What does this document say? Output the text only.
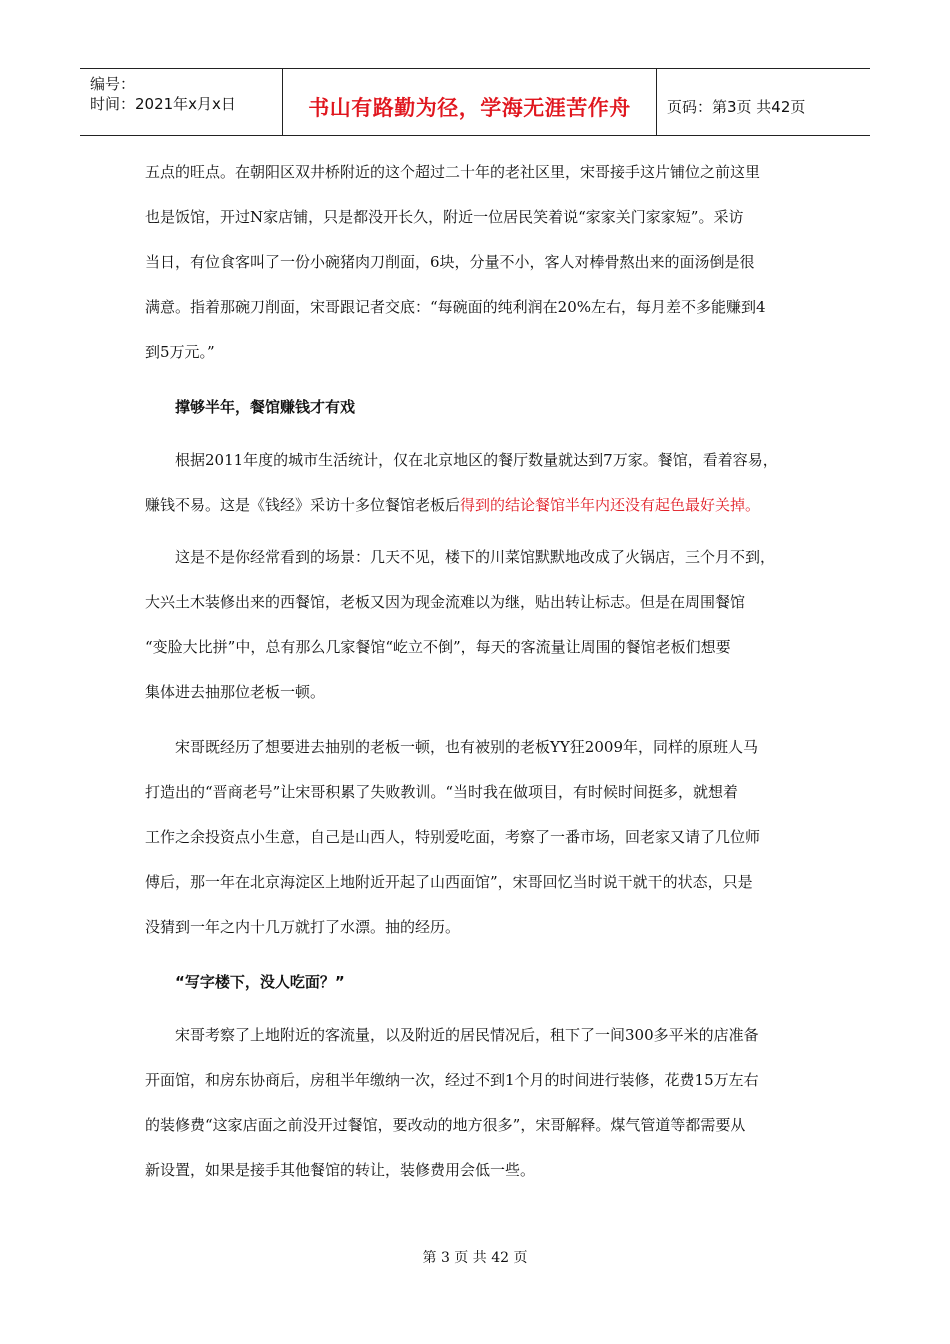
编号：
时间：2021年x月x日	书山有路勤为径，学海无涯苦作舟	页码：第3页 共42页
五点的旺点。在朝阳区双井桥附近的这个超过二十年的老社区里，宋哥接手这片铺位之前这里
也是饭馆，开过N家店铺，只是都没开长久，附近一位居民笑着说“家家关门家家短”。采访
当日，有位食客叫了一份小碗猪肉刀削面，6块，分量不小，客人对棒骨熬出来的面汤倒是很
满意。指着那碗刀削面，宋哥跟记者交底：“每碗面的纯利润在20%左右，每月差不多能赚到4
到5万元。”
撑够半年，餐馆赚钱才有戏
根据2011年度的城市生活统计，仅在北京地区的餐厅数量就达到7万家。餐馆，看着容易，
赚钱不易。这是《钱经》采访十多位餐馆老板后得到的结论餐馆半年内还没有起色最好关掉。
这是不是你经常看到的场景：几天不见，楼下的川菜馆默默地改成了火锅店，三个月不到，
大兴土木装修出来的西餐馆，老板又因为现金流难以为继，贴出转让标志。但是在周围餐馆
“变脸大比拼”中，总有那么几家餐馆“屹立不倒”，每天的客流量让周围的餐馆老板们想要
集体进去抽那位老板一顿。
宋哥既经历了想要进去抽别的老板一顿，也有被别的老板YY狂2009年，同样的原班人马
打造出的“晋商老号”让宋哥积累了失败教训。“当时我在做项目，有时候时间挺多，就想着
工作之余投资点小生意，自己是山西人，特别爱吃面，考察了一番市场，回老家又请了几位师
傅后，那一年在北京海淀区上地附近开起了山西面馆”，宋哥回忆当时说干就干的状态，只是
没猜到一年之内十几万就打了水漂。抽的经历。
“写字楼下，没人吃面？”
宋哥考察了上地附近的客流量，以及附近的居民情况后，租下了一间300多平米的店准备
开面馆，和房东协商后，房租半年缴纳一次，经过不到1个月的时间进行装修，花费15万左右
的装修费“这家店面之前没开过餐馆，要改动的地方很多”，宋哥解释。煤气管道等都需要从
新设置，如果是接手其他餐馆的转让，装修费用会低一些。
第 3 页 共 42 页
